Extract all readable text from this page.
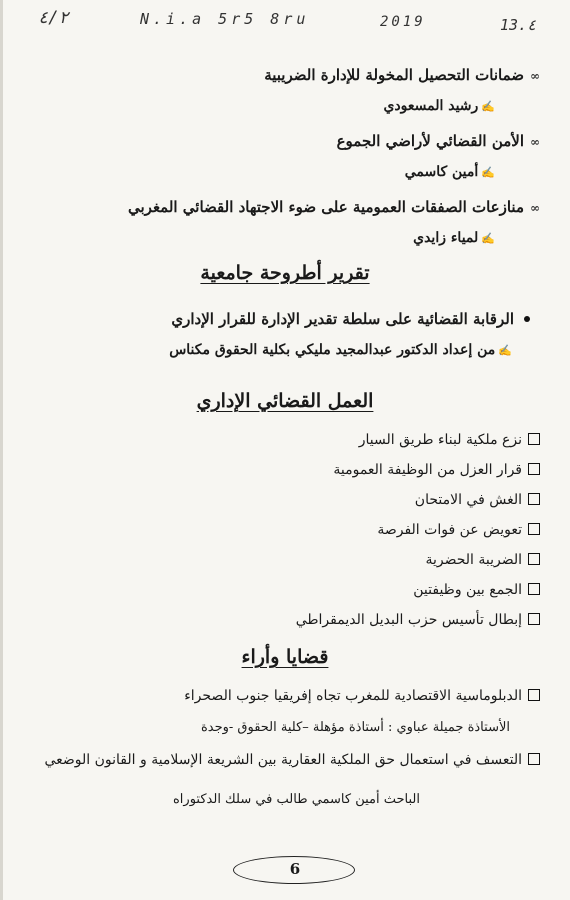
٤/٢	N.i.a 5r5 8ru	2019	13.٤
∞ضمانات التحصيل المخولة للإدارة الضريبية
✍رشيد المسعودي
∞الأمن القضائي لأراضي الجموع
✍أمين كاسمي
∞منازعات الصفقات العمومية على ضوء الاجتهاد القضائي المغربي
✍لمياء زايدي
تقرير أطروحة جامعية
الرقابة القضائية على سلطة تقدير الإدارة للقرار الإداري
✍من إعداد الدكتور عبدالمجيد مليكي بكلية الحقوق مكناس
العمل القضائي الإداري
نزع ملكية لبناء طريق السيار
قرار العزل من الوظيفة العمومية
الغش في الامتحان
تعويض عن فوات الفرصة
الضريبة الحضرية
الجمع بين وظيفتين
إبطال تأسيس حزب البديل الديمقراطي
قضايا وأراء
الدبلوماسية الاقتصادية للمغرب تجاه إفريقيا جنوب الصحراء
الأستاذة جميلة عباوي : أستاذة مؤهلة –كلية الحقوق -وجدة
التعسف في استعمال حق الملكية العقارية بين الشريعة الإسلامية و القانون الوضعي
الباحث أمين كاسمي طالب في سلك الدكتوراه
6
